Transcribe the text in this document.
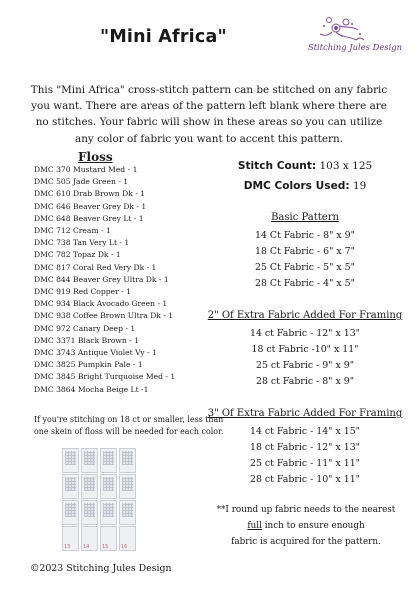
"Mini Africa"	Stitching Jules Design
This "Mini Africa" cross-stitch pattern can be stitched on any fabric you want. There are areas of the pattern left blank where there are no stitches. Your fabric will show in these areas so you can utilize any color of fabric you want to accent this pattern.
Floss
DMC 370 Mustard Med - 1
DMC 505 Jade Green - 1
DMC 610 Drab Brown Dk - 1
DMC 646 Beaver Grey Dk - 1
DMC 648 Beaver Grey Lt - 1
DMC 712 Cream - 1
DMC 738 Tan Very Lt - 1
DMC 782 Topaz Dk - 1
DMC 817 Coral Red Very Dk - 1
DMC 844 Beaver Grey Ultra Dk - 1
DMC 919 Red Copper - 1
DMC 934 Black Avocado Green - 1
DMC 938 Coffee Brown Ultra Dk - 1
DMC 972 Canary Deep - 1
DMC 3371 Black Brown - 1
DMC 3743 Antique Violet Vy - 1
DMC 3825 Pumpkin Pale - 1
DMC 3845 Bright Turquoise Med - 1
DMC 3864 Mocha Beige Lt -1
If you're stitching on 18 ct or smaller, less than one skein of floss will be needed for each color.
13	14	15	16
Stitch Count: 103 x 125
DMC Colors Used: 19
Basic Pattern
14 Ct Fabric - 8" x 9"
18 Ct Fabric - 6" x 7"
25 Ct Fabric - 5" x 5"
28 Ct Fabric - 4" x 5"
2" Of Extra Fabric Added For Framing
14 ct Fabric - 12" x 13"
18 ct Fabric -10" x 11"
25 ct Fabric - 9" x 9"
28 ct Fabric - 8" x 9"
3" Of Extra Fabric Added For Framing
14 ct Fabric - 14" x 15"
18 ct Fabric - 12" x 13"
25 ct Fabric - 11" x 11"
28 ct Fabric - 10" x 11"
**I round up fabric needs to the nearest
full inch to ensure enough
fabric is acquired for the pattern.
©2023 Stitching Jules Design
